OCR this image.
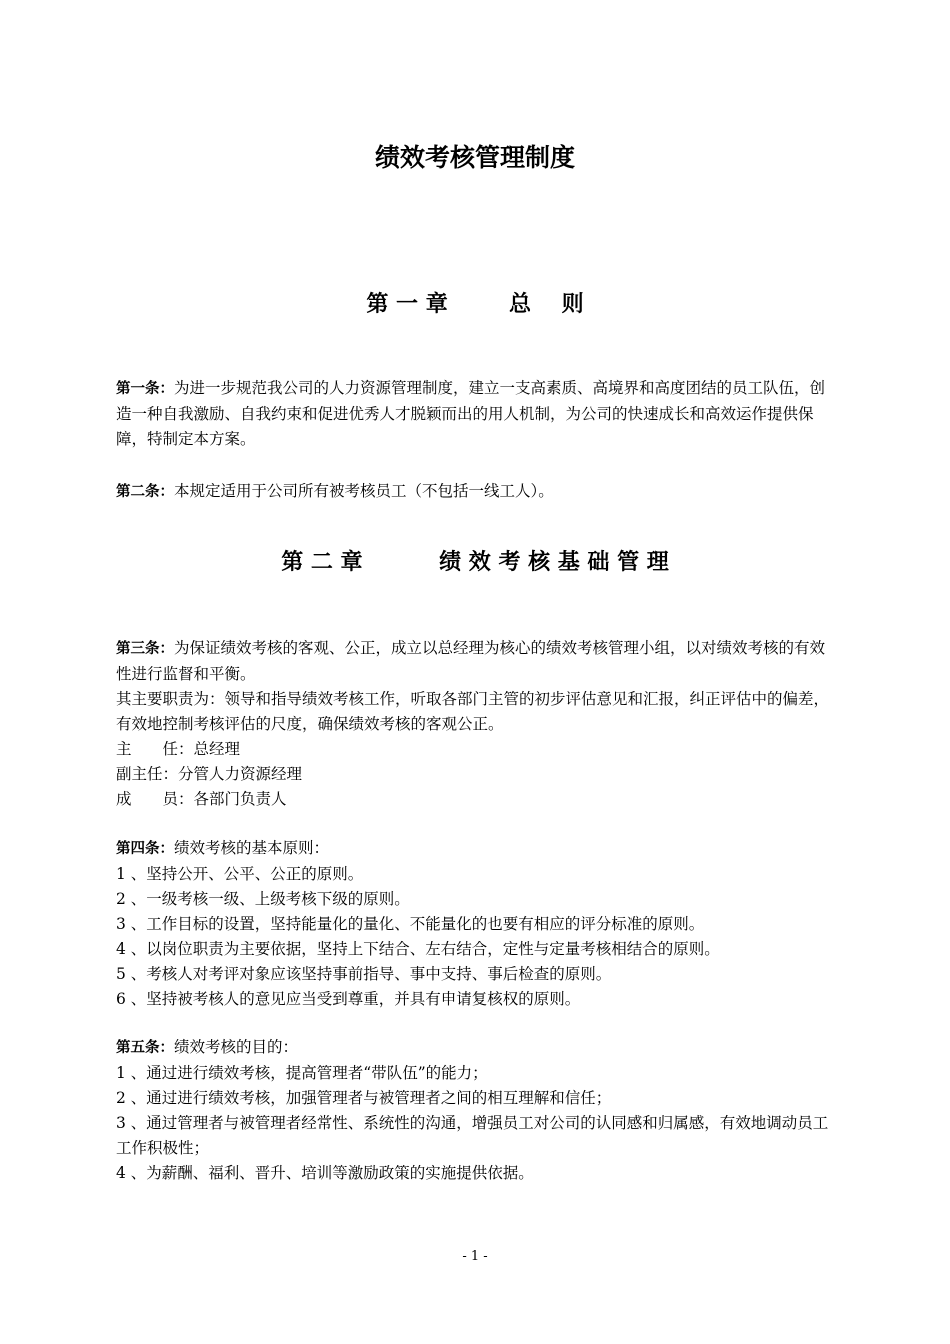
绩效考核管理制度
第 一 章	总    则

第一条：为进一步规范我公司的人力资源管理制度，建立一支高素质、高境界和高度团结的员工队伍，创造一种自我激励、自我约束和促进优秀人才脱颖而出的用人机制，为公司的快速成长和高效运作提供保障，特制定本方案。

第二条：本规定适用于公司所有被考核员工（不包括一线工人）。

第 二 章	绩 效 考 核 基 础 管 理

第三条：为保证绩效考核的客观、公正，成立以总经理为核心的绩效考核管理小组，以对绩效考核的有效性进行监督和平衡。

其主要职责为：领导和指导绩效考核工作，听取各部门主管的初步评估意见和汇报，纠正评估中的偏差，有效地控制考核评估的尺度，确保绩效考核的客观公正。

主　　任：总经理

副主任：分管人力资源经理

成　　员：各部门负责人

第四条：绩效考核的基本原则：

1 、坚持公开、公平、公正的原则。

2 、一级考核一级、上级考核下级的原则。

3 、工作目标的设置，坚持能量化的量化、不能量化的也要有相应的评分标准的原则。

4 、以岗位职责为主要依据，坚持上下结合、左右结合，定性与定量考核相结合的原则。

5 、考核人对考评对象应该坚持事前指导、事中支持、事后检查的原则。

6 、坚持被考核人的意见应当受到尊重，并具有申请复核权的原则。

第五条：绩效考核的目的：

1 、通过进行绩效考核，提高管理者“带队伍”的能力；

2 、通过进行绩效考核，加强管理者与被管理者之间的相互理解和信任；

3 、通过管理者与被管理者经常性、系统性的沟通，增强员工对公司的认同感和归属感，有效地调动员工工作积极性；

4 、为薪酬、福利、晋升、培训等激励政策的实施提供依据。

- 1 -
